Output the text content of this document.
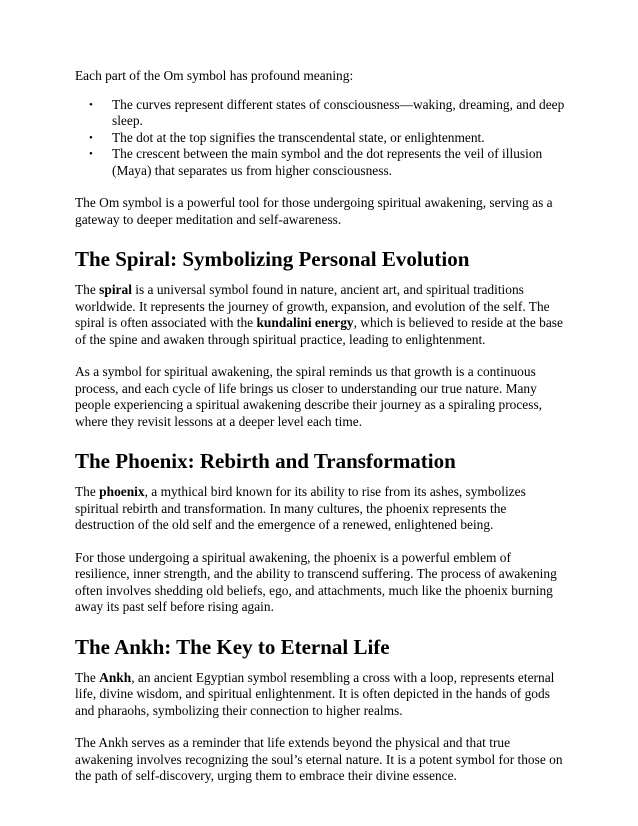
Each part of the Om symbol has profound meaning:

• The curves represent different states of consciousness—waking, dreaming, and deep sleep.
• The dot at the top signifies the transcendental state, or enlightenment.
• The crescent between the main symbol and the dot represents the veil of illusion (Maya) that separates us from higher consciousness.

The Om symbol is a powerful tool for those undergoing spiritual awakening, serving as a gateway to deeper meditation and self-awareness.

The Spiral: Symbolizing Personal Evolution

The spiral is a universal symbol found in nature, ancient art, and spiritual traditions worldwide. It represents the journey of growth, expansion, and evolution of the self. The spiral is often associated with the kundalini energy, which is believed to reside at the base of the spine and awaken through spiritual practice, leading to enlightenment.

As a symbol for spiritual awakening, the spiral reminds us that growth is a continuous process, and each cycle of life brings us closer to understanding our true nature. Many people experiencing a spiritual awakening describe their journey as a spiraling process, where they revisit lessons at a deeper level each time.

The Phoenix: Rebirth and Transformation

The phoenix, a mythical bird known for its ability to rise from its ashes, symbolizes spiritual rebirth and transformation. In many cultures, the phoenix represents the destruction of the old self and the emergence of a renewed, enlightened being.

For those undergoing a spiritual awakening, the phoenix is a powerful emblem of resilience, inner strength, and the ability to transcend suffering. The process of awakening often involves shedding old beliefs, ego, and attachments, much like the phoenix burning away its past self before rising again.

The Ankh: The Key to Eternal Life

The Ankh, an ancient Egyptian symbol resembling a cross with a loop, represents eternal life, divine wisdom, and spiritual enlightenment. It is often depicted in the hands of gods and pharaohs, symbolizing their connection to higher realms.

The Ankh serves as a reminder that life extends beyond the physical and that true awakening involves recognizing the soul’s eternal nature. It is a potent symbol for those on the path of self-discovery, urging them to embrace their divine essence.
